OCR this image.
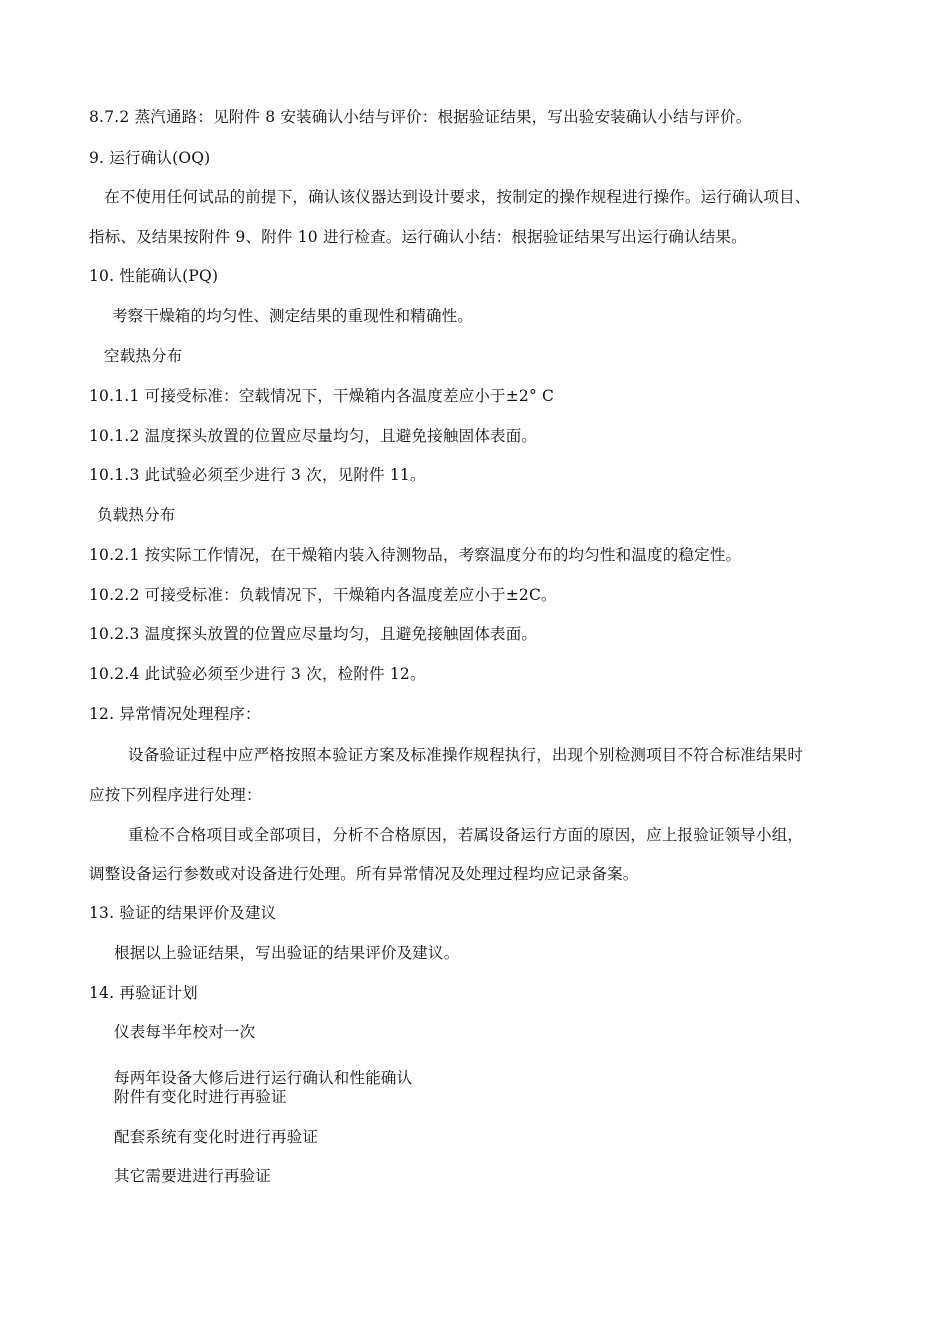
8.7.2 蒸汽通路：见附件 8 安装确认小结与评价：根据验证结果，写出验安装确认小结与评价。
9. 运行确认(OQ)
在不使用任何试品的前提下，确认该仪器达到设计要求，按制定的操作规程进行操作。运行确认项目、
指标、及结果按附件 9、附件 10 进行检查。运行确认小结：根据验证结果写出运行确认结果。
10. 性能确认(PQ)
考察干燥箱的均匀性、测定结果的重现性和精确性。
空载热分布
10.1.1 可接受标准：空载情况下，干燥箱内各温度差应小于±2° C
10.1.2 温度探头放置的位置应尽量均匀，且避免接触固体表面。
10.1.3 此试验必须至少进行 3 次，见附件 11。
负载热分布
10.2.1 按实际工作情况，在干燥箱内装入待测物品，考察温度分布的均匀性和温度的稳定性。
10.2.2 可接受标准：负载情况下，干燥箱内各温度差应小于±2C。
10.2.3 温度探头放置的位置应尽量均匀，且避免接触固体表面。
10.2.4 此试验必须至少进行 3 次，检附件 12。
12. 异常情况处理程序：
设备验证过程中应严格按照本验证方案及标准操作规程执行，出现个别检测项目不符合标准结果时
应按下列程序进行处理：
重检不合格项目或全部项目，分析不合格原因，若属设备运行方面的原因，应上报验证领导小组，
调整设备运行参数或对设备进行处理。所有异常情况及处理过程均应记录备案。
13. 验证的结果评价及建议
根据以上验证结果，写出验证的结果评价及建议。
14. 再验证计划
仪表每半年校对一次
每两年设备大修后进行运行确认和性能确认
附件有变化时进行再验证
配套系统有变化时进行再验证
其它需要进进行再验证
